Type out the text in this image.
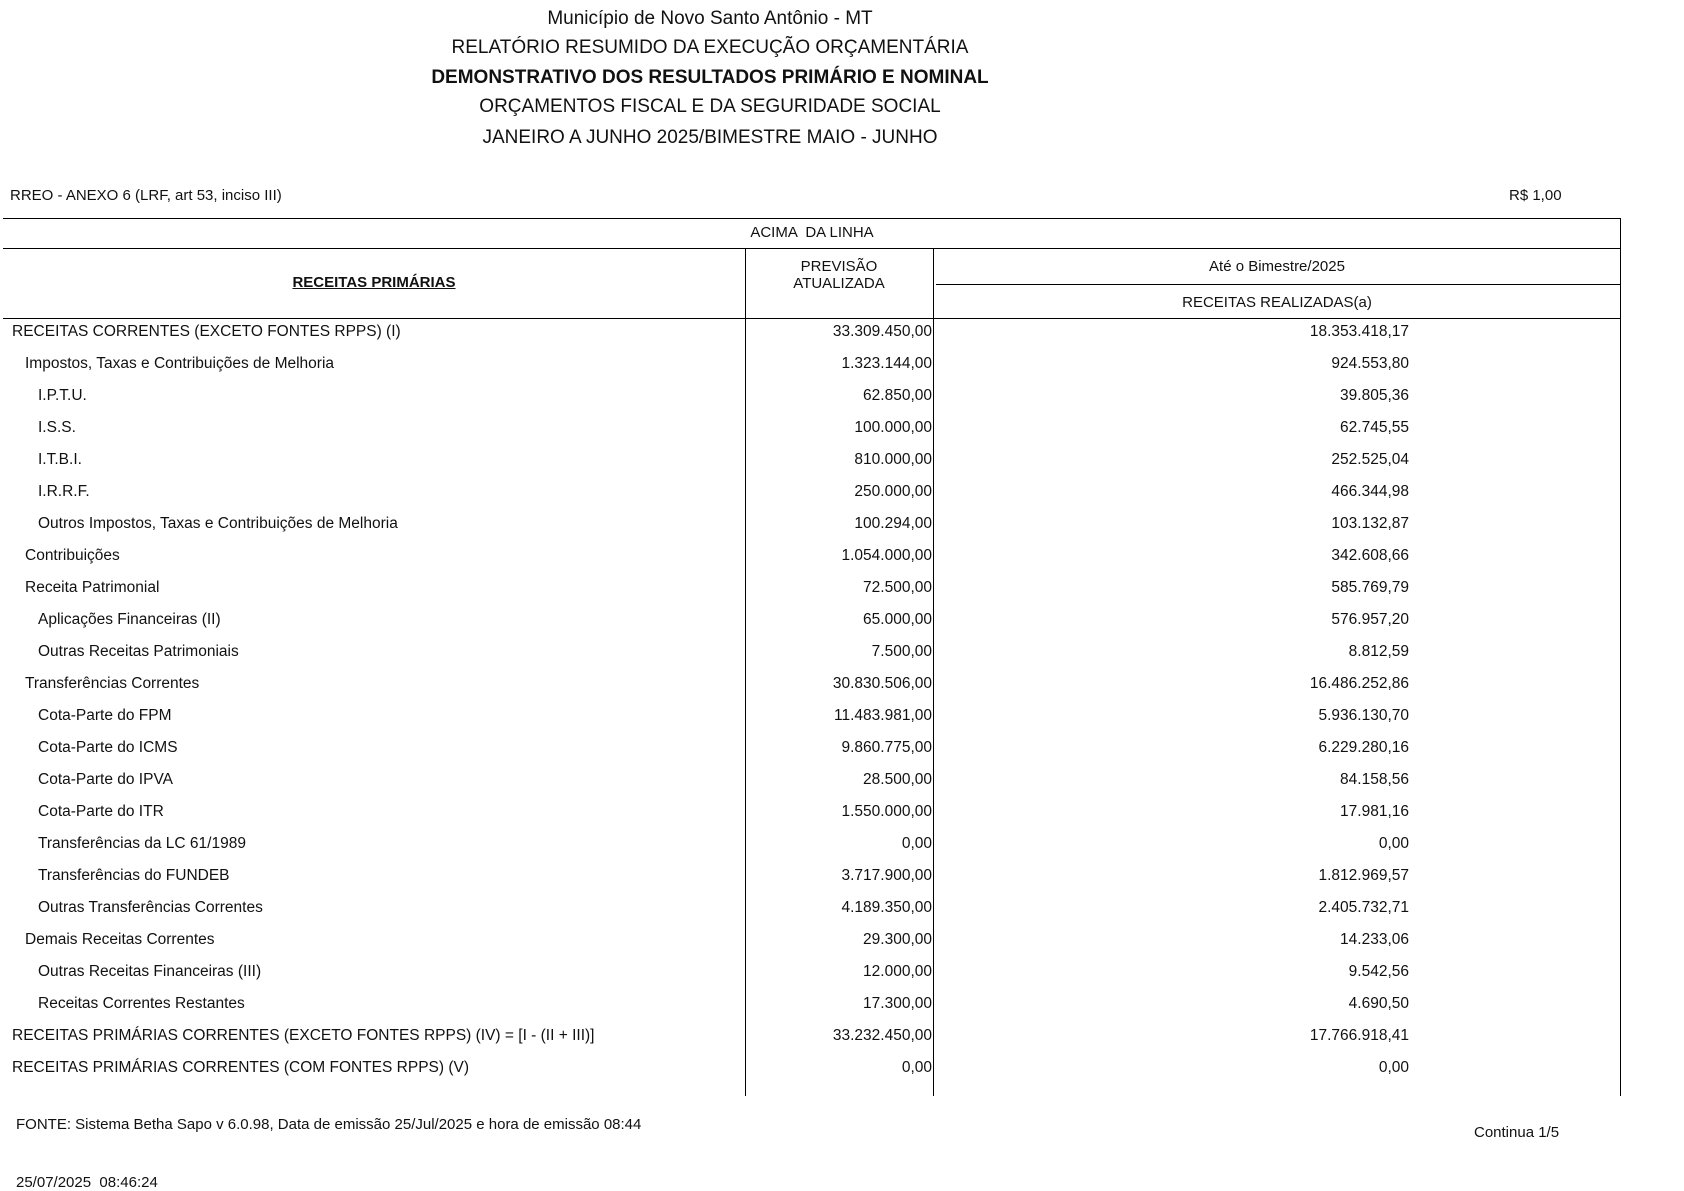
Município de Novo Santo Antônio - MT
RELATÓRIO RESUMIDO DA EXECUÇÃO ORÇAMENTÁRIA
DEMONSTRATIVO DOS RESULTADOS PRIMÁRIO E NOMINAL
ORÇAMENTOS FISCAL E DA SEGURIDADE SOCIAL
JANEIRO A JUNHO 2025/BIMESTRE MAIO - JUNHO
RREO - ANEXO 6 (LRF, art 53, inciso III)	R$ 1,00
ACIMA  DA LINHA
RECEITAS PRIMÁRIAS
PREVISÃO
ATUALIZADA
Até o Bimestre/2025
RECEITAS REALIZADAS(a)
RECEITAS CORRENTES (EXCETO FONTES RPPS) (I)	33.309.450,00	18.353.418,17
Impostos, Taxas e Contribuições de Melhoria	1.323.144,00	924.553,80
I.P.T.U.	62.850,00	39.805,36
I.S.S.	100.000,00	62.745,55
I.T.B.I.	810.000,00	252.525,04
I.R.R.F.	250.000,00	466.344,98
Outros Impostos, Taxas e Contribuições de Melhoria	100.294,00	103.132,87
Contribuições	1.054.000,00	342.608,66
Receita Patrimonial	72.500,00	585.769,79
Aplicações Financeiras (II)	65.000,00	576.957,20
Outras Receitas Patrimoniais	7.500,00	8.812,59
Transferências Correntes	30.830.506,00	16.486.252,86
Cota-Parte do FPM	11.483.981,00	5.936.130,70
Cota-Parte do ICMS	9.860.775,00	6.229.280,16
Cota-Parte do IPVA	28.500,00	84.158,56
Cota-Parte do ITR	1.550.000,00	17.981,16
Transferências da LC 61/1989	0,00	0,00
Transferências do FUNDEB	3.717.900,00	1.812.969,57
Outras Transferências Correntes	4.189.350,00	2.405.732,71
Demais Receitas Correntes	29.300,00	14.233,06
Outras Receitas Financeiras (III)	12.000,00	9.542,56
Receitas Correntes Restantes	17.300,00	4.690,50
RECEITAS PRIMÁRIAS CORRENTES (EXCETO FONTES RPPS) (IV) = [I - (II + III)]	33.232.450,00	17.766.918,41
RECEITAS PRIMÁRIAS CORRENTES (COM FONTES RPPS) (V)	0,00	0,00
FONTE: Sistema Betha Sapo v 6.0.98, Data de emissão 25/Jul/2025 e hora de emissão 08:44	Continua 1/5
25/07/2025  08:46:24
